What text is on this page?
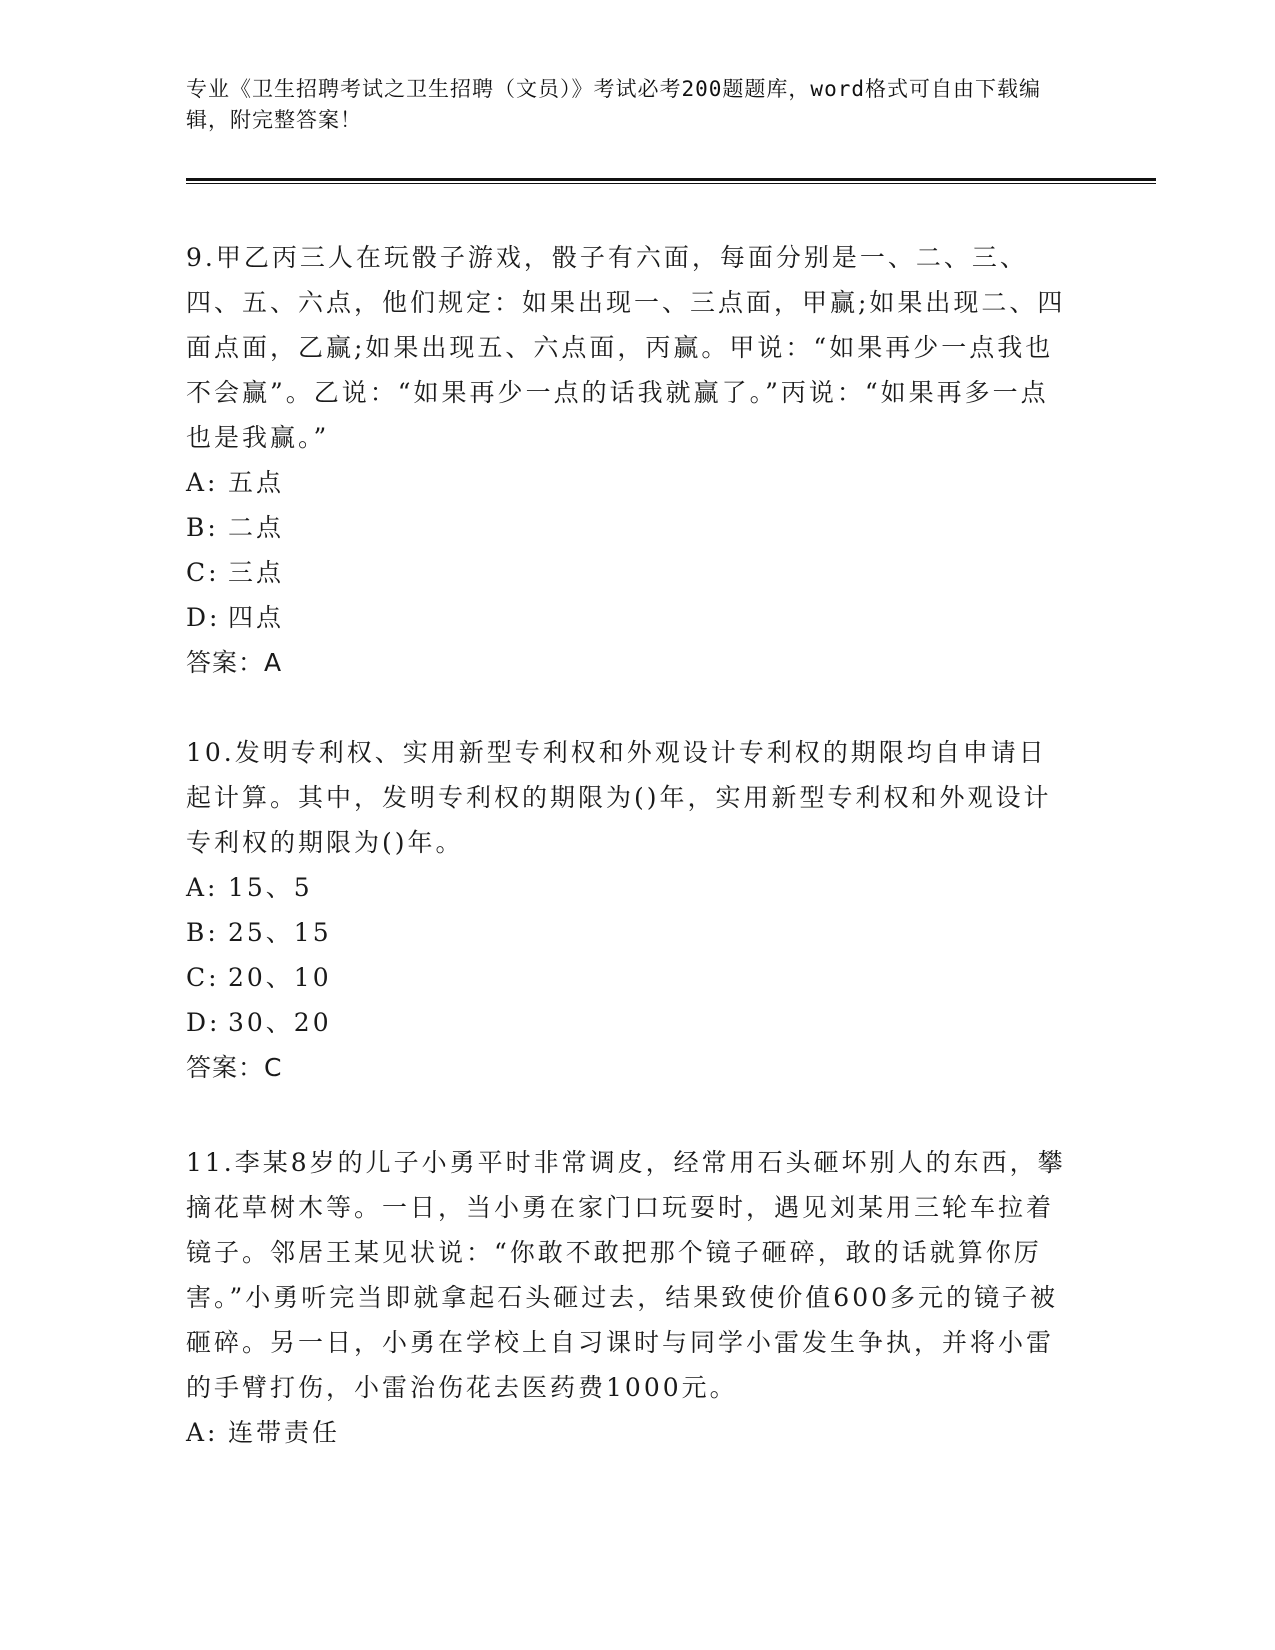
专业《卫生招聘考试之卫生招聘（文员）》考试必考200题题库，word格式可自由下载编辑，附完整答案！

9.甲乙丙三人在玩骰子游戏，骰子有六面，每面分别是一、二、三、四、五、六点，他们规定：如果出现一、三点面，甲赢;如果出现二、四面点面，乙赢;如果出现五、六点面，丙赢。甲说：“如果再少一点我也不会赢”。乙说：“如果再少一点的话我就赢了。”丙说：“如果再多一点也是我赢。”

A: 五点

B: 二点

C: 三点

D: 四点

答案：A

10.发明专利权、实用新型专利权和外观设计专利权的期限均自申请日起计算。其中，发明专利权的期限为()年，实用新型专利权和外观设计专利权的期限为()年。

A: 15、5

B: 25、15

C: 20、10

D: 30、20

答案：C

11.李某8岁的儿子小勇平时非常调皮，经常用石头砸坏别人的东西，攀摘花草树木等。一日，当小勇在家门口玩耍时，遇见刘某用三轮车拉着镜子。邻居王某见状说：“你敢不敢把那个镜子砸碎，敢的话就算你厉害。”小勇听完当即就拿起石头砸过去，结果致使价值600多元的镜子被砸碎。另一日，小勇在学校上自习课时与同学小雷发生争执，并将小雷的手臂打伤，小雷治伤花去医药费1000元。

A: 连带责任
